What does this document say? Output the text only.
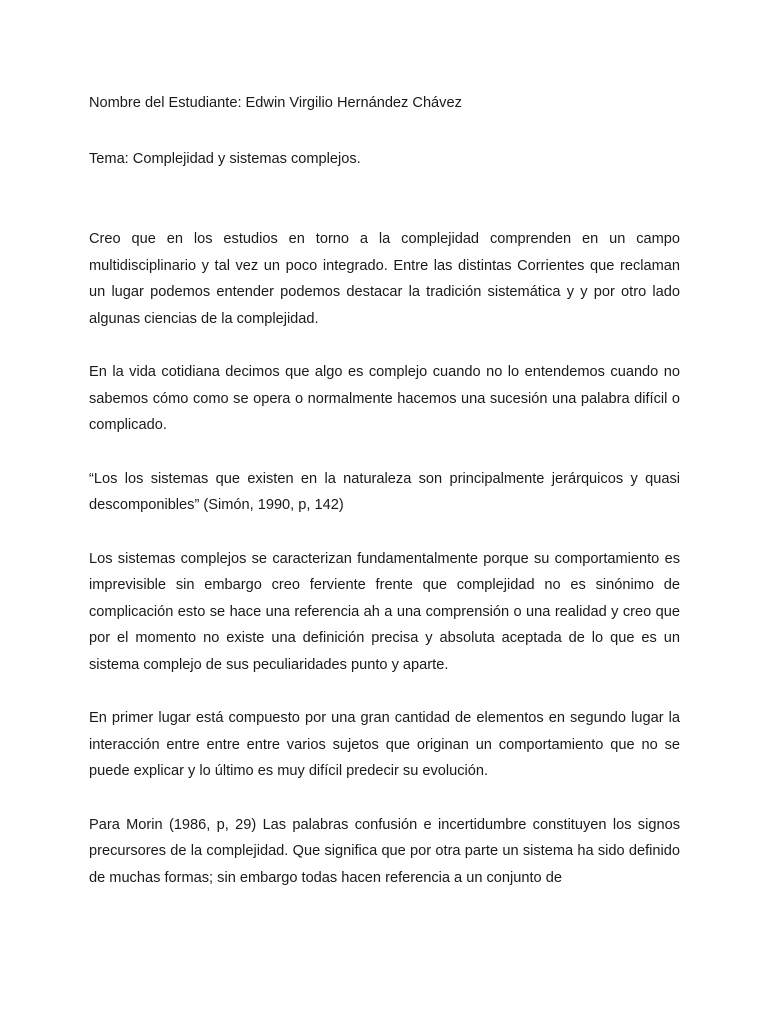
Nombre del Estudiante: Edwin Virgilio Hernández Chávez

Tema: Complejidad y sistemas complejos.

Creo que en los estudios en torno a la complejidad comprenden en un campo multidisciplinario y tal vez un poco integrado. Entre las distintas Corrientes que reclaman un lugar podemos entender podemos destacar la tradición sistemática y y por otro lado algunas ciencias de la complejidad.

En la vida cotidiana decimos que algo es complejo cuando no lo entendemos cuando no sabemos cómo como se opera o normalmente hacemos una sucesión una palabra difícil o complicado.

“Los los sistemas que existen en la naturaleza son principalmente jerárquicos y quasi descomponibles” (Simón, 1990, p, 142)

Los sistemas complejos se caracterizan fundamentalmente porque su comportamiento es imprevisible sin embargo creo ferviente frente que complejidad no es sinónimo de complicación esto se hace una referencia ah a una comprensión o una realidad y creo que por el momento no existe una definición precisa y absoluta aceptada de lo que es un sistema complejo de sus peculiaridades punto y aparte.

En primer lugar está compuesto por una gran cantidad de elementos en segundo lugar la interacción entre entre entre varios sujetos que originan un comportamiento que no se puede explicar y lo último es muy difícil predecir su evolución.

Para Morin (1986, p, 29) Las palabras confusión e incertidumbre constituyen los signos precursores de la complejidad. Que significa que por otra parte un sistema ha sido definido de muchas formas; sin embargo todas hacen referencia a un conjunto de
